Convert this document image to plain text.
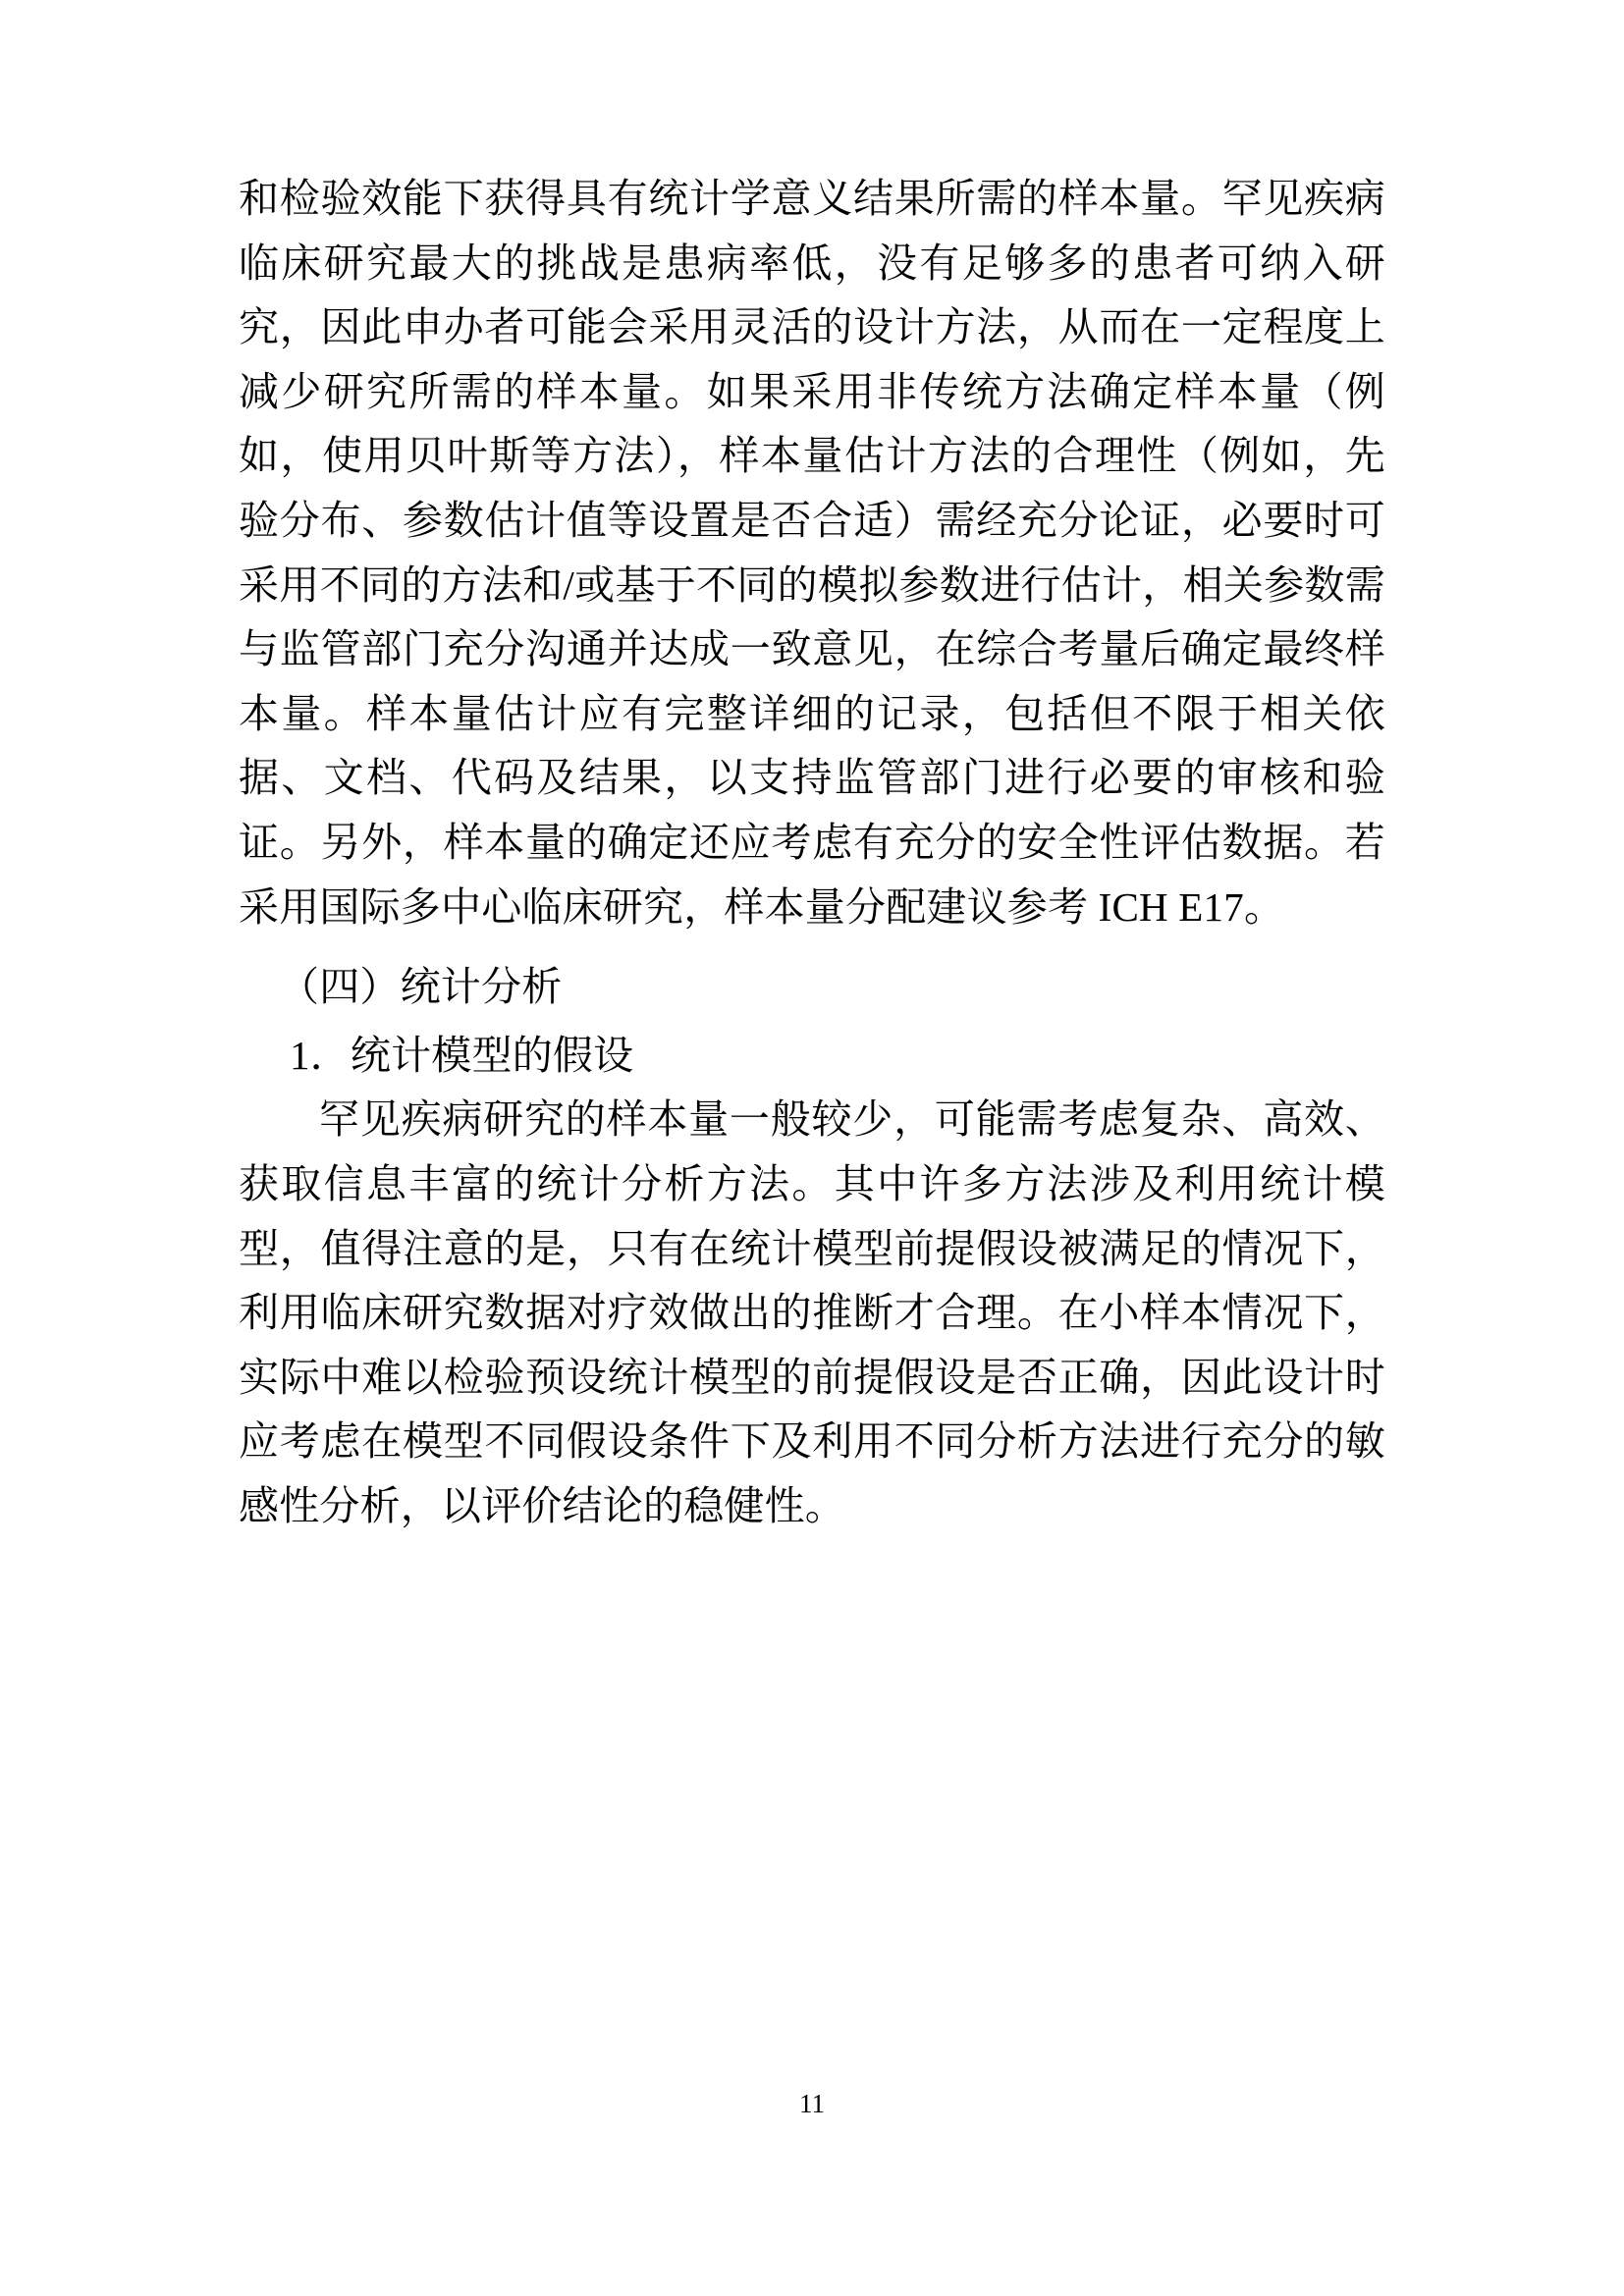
和检验效能下获得具有统计学意义结果所需的样本量。罕见疾病临床研究最大的挑战是患病率低，没有足够多的患者可纳入研究，因此申办者可能会采用灵活的设计方法，从而在一定程度上减少研究所需的样本量。如果采用非传统方法确定样本量（例如，使用贝叶斯等方法），样本量估计方法的合理性（例如，先验分布、参数估计值等设置是否合适）需经充分论证，必要时可采用不同的方法和/或基于不同的模拟参数进行估计，相关参数需与监管部门充分沟通并达成一致意见，在综合考量后确定最终样本量。样本量估计应有完整详细的记录，包括但不限于相关依据、文档、代码及结果，以支持监管部门进行必要的审核和验证。另外，样本量的确定还应考虑有充分的安全性评估数据。若采用国际多中心临床研究，样本量分配建议参考 ICH E17。

（四）统计分析

1．统计模型的假设

罕见疾病研究的样本量一般较少，可能需考虑复杂、高效、获取信息丰富的统计分析方法。其中许多方法涉及利用统计模型，值得注意的是，只有在统计模型前提假设被满足的情况下，利用临床研究数据对疗效做出的推断才合理。在小样本情况下，实际中难以检验预设统计模型的前提假设是否正确，因此设计时应考虑在模型不同假设条件下及利用不同分析方法进行充分的敏感性分析，以评价结论的稳健性。

11
